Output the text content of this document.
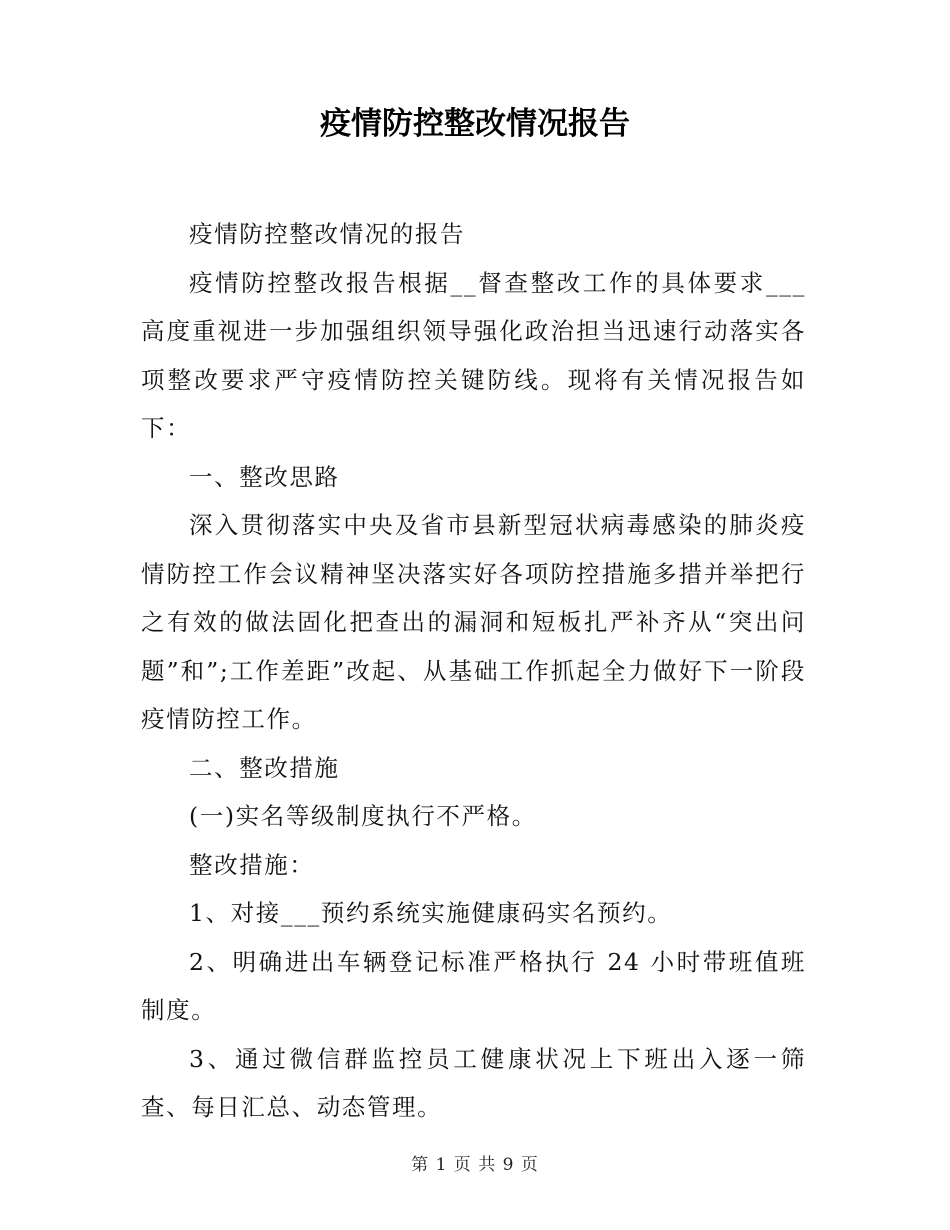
疫情防控整改情况报告

疫情防控整改情况的报告

疫情防控整改报告根据__督查整改工作的具体要求___高度重视进一步加强组织领导强化政治担当迅速行动落实各项整改要求严守疫情防控关键防线。现将有关情况报告如下：

一、整改思路

深入贯彻落实中央及省市县新型冠状病毒感染的肺炎疫情防控工作会议精神坚决落实好各项防控措施多措并举把行之有效的做法固化把查出的漏洞和短板扎严补齐从“突出问题”和”;工作差距”改起、从基础工作抓起全力做好下一阶段疫情防控工作。

二、整改措施

(一)实名等级制度执行不严格。

整改措施：

1、对接___预约系统实施健康码实名预约。

2、明确进出车辆登记标准严格执行 24 小时带班值班制度。

3、通过微信群监控员工健康状况上下班出入逐一筛查、每日汇总、动态管理。

第 1 页 共 9 页
